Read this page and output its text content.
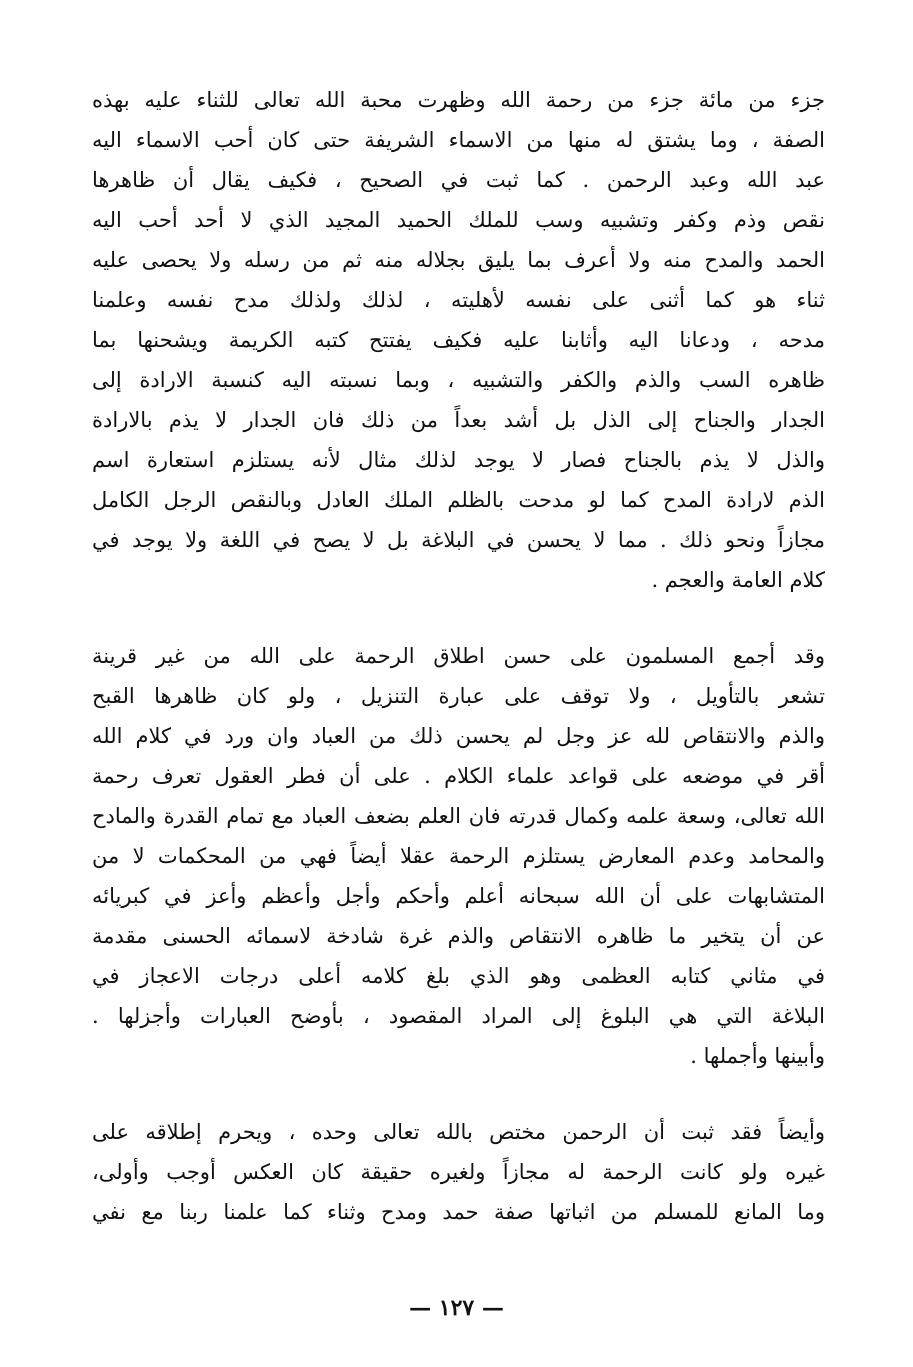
جزء من مائة جزء من رحمة الله وظهرت محبة الله تعالى للثناء عليه بهذه
الصفة ، وما يشتق له منها من الاسماء الشريفة حتى كان أحب الاسماء اليه
عبد الله وعبد الرحمن . كما ثبت في الصحيح ، فكيف يقال أن ظاهرها
نقص وذم وكفر وتشبيه وسب للملك الحميد المجيد الذي لا أحد أحب اليه
الحمد والمدح منه ولا أعرف بما يليق بجلاله منه ثم من رسله ولا يحصى عليه
ثناء هو كما أثنى على نفسه لأهليته ، لذلك ولذلك مدح نفسه وعلمنا
مدحه ، ودعانا اليه وأثابنا عليه فكيف يفتتح كتبه الكريمة ويشحنها بما
ظاهره السب والذم والكفر والتشبيه ، وبما نسبته اليه كنسبة الارادة إلى
الجدار والجناح إلى الذل بل أشد بعداً من ذلك فان الجدار لا يذم بالارادة
والذل لا يذم بالجناح فصار لا يوجد لذلك مثال لأنه يستلزم استعارة اسم
الذم لارادة المدح كما لو مدحت بالظلم الملك العادل وبالنقص الرجل الكامل
مجازاً ونحو ذلك . مما لا يحسن في البلاغة بل لا يصح في اللغة ولا يوجد في
كلام العامة والعجم .
وقد أجمع المسلمون على حسن اطلاق الرحمة على الله من غير قرينة
تشعر بالتأويل ، ولا توقف على عبارة التنزيل ، ولو كان ظاهرها القبح
والذم والانتقاص لله عز وجل لم يحسن ذلك من العباد وان ورد في كلام الله
أقر في موضعه على قواعد علماء الكلام . على أن فطر العقول تعرف رحمة
الله تعالى، وسعة علمه وكمال قدرته فان العلم بضعف العباد مع تمام القدرة والمادح
والمحامد وعدم المعارض يستلزم الرحمة عقلا أيضاً فهي من المحكمات لا من
المتشابهات على أن الله سبحانه أعلم وأحكم وأجل وأعظم وأعز في كبريائه
عن أن يتخير ما ظاهره الانتقاص والذم غرة شادخة لاسمائه الحسنى مقدمة
في مثاني كتابه العظمى وهو الذي بلغ كلامه أعلى درجات الاعجاز في
البلاغة التي هي البلوغ إلى المراد المقصود ، بأوضح العبارات وأجزلها .
وأبينها وأجملها .
وأيضاً فقد ثبت أن الرحمن مختص بالله تعالى وحده ، ويحرم إطلاقه على
غيره ولو كانت الرحمة له مجازاً ولغيره حقيقة كان العكس أوجب وأولى،
وما المانع للمسلم من اثباتها صفة حمد ومدح وثناء كما علمنا ربنا مع نفي
— ١٢٧ —
